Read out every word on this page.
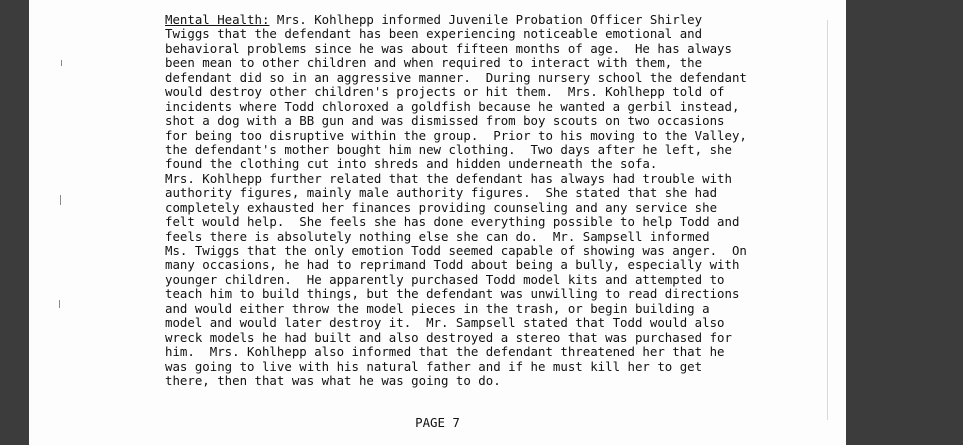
Mental Health: Mrs. Kohlhepp informed Juvenile Probation Officer Shirley
Twiggs that the defendant has been experiencing noticeable emotional and
behavioral problems since he was about fifteen months of age.  He has always
been mean to other children and when required to interact with them, the
defendant did so in an aggressive manner.  During nursery school the defendant
would destroy other children's projects or hit them.  Mrs. Kohlhepp told of
incidents where Todd chloroxed a goldfish because he wanted a gerbil instead,
shot a dog with a BB gun and was dismissed from boy scouts on two occasions
for being too disruptive within the group.  Prior to his moving to the Valley,
the defendant's mother bought him new clothing.  Two days after he left, she
found the clothing cut into shreds and hidden underneath the sofa.
Mrs. Kohlhepp further related that the defendant has always had trouble with
authority figures, mainly male authority figures.  She stated that she had
completely exhausted her finances providing counseling and any service she
felt would help.  She feels she has done everything possible to help Todd and
feels there is absolutely nothing else she can do.  Mr. Sampsell informed
Ms. Twiggs that the only emotion Todd seemed capable of showing was anger.  On
many occasions, he had to reprimand Todd about being a bully, especially with
younger children.  He apparently purchased Todd model kits and attempted to
teach him to build things, but the defendant was unwilling to read directions
and would either throw the model pieces in the trash, or begin building a
model and would later destroy it.  Mr. Sampsell stated that Todd would also
wreck models he had built and also destroyed a stereo that was purchased for
him.  Mrs. Kohlhepp also informed that the defendant threatened her that he
was going to live with his natural father and if he must kill her to get
there, then that was what he was going to do.
PAGE 7
